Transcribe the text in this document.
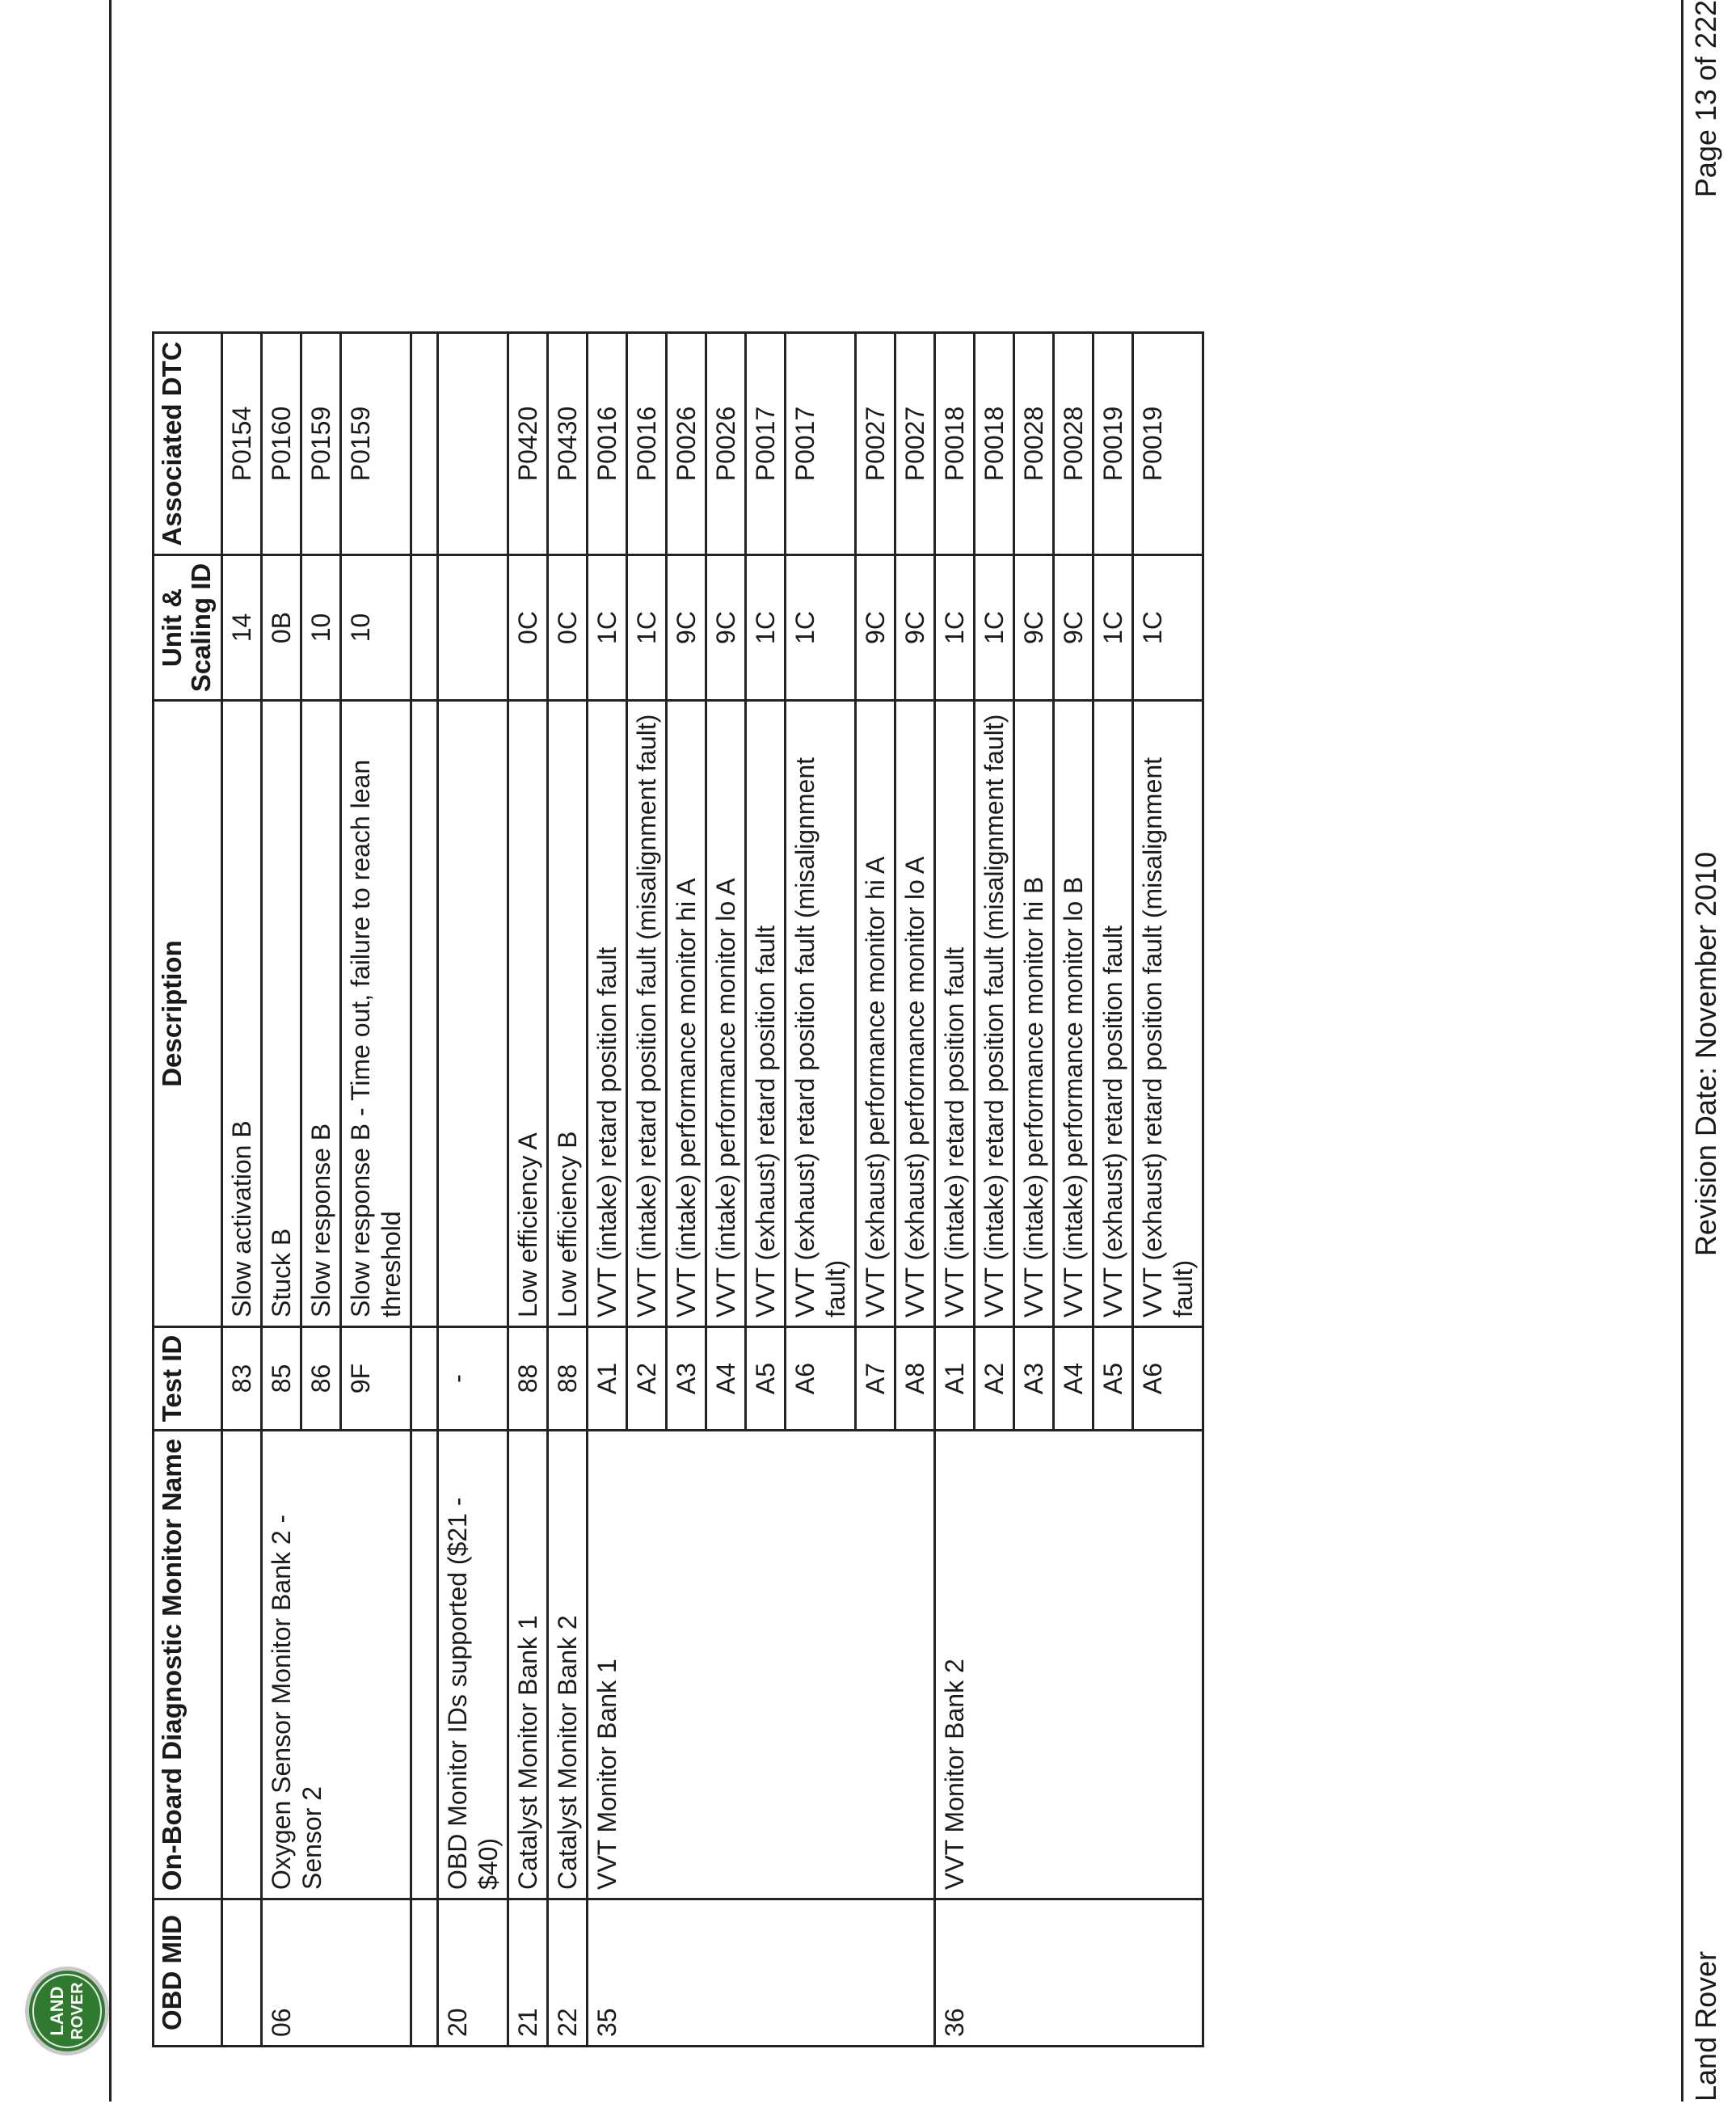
LAND ROVER	OBD MID	On-Board Diagnostic Monitor Name	Test ID	Description	Unit & Scaling ID	Associated DTC
		83	Slow activation B	14	P0154
06	Oxygen Sensor Monitor Bank 2 - Sensor 2	85	Stuck B	0B	P0160
		86	Slow response B	10	P0159
		9F	Slow response B - Time out, failure to reach lean threshold	10	P0159

20	OBD Monitor IDs supported ($21 - $40)	-			
21	Catalyst Monitor Bank 1	88	Low efficiency A	0C	P0420
22	Catalyst Monitor Bank 2	88	Low efficiency B	0C	P0430
35	VVT Monitor Bank 1	A1	VVT (intake) retard position fault	1C	P0016
		A2	VVT (intake) retard position fault (misalignment fault)	1C	P0016
		A3	VVT (intake) performance monitor hi A	9C	P0026
		A4	VVT (intake) performance monitor lo A	9C	P0026
		A5	VVT (exhaust) retard position fault	1C	P0017
		A6	VVT (exhaust) retard position fault (misalignment fault)	1C	P0017
		A7	VVT (exhaust) performance monitor hi A	9C	P0027
		A8	VVT (exhaust) performance monitor lo A	9C	P0027
36	VVT Monitor Bank 2	A1	VVT (intake) retard position fault	1C	P0018
		A2	VVT (intake) retard position fault (misalignment fault)	1C	P0018
		A3	VVT (intake) performance monitor hi B	9C	P0028
		A4	VVT (intake) performance monitor lo B	9C	P0028
		A5	VVT (exhaust) retard position fault	1C	P0019
		A6	VVT (exhaust) retard position fault (misalignment fault)	1C	P0019
Land Rover
Revision Date: November 2010
Page 13 of 222
